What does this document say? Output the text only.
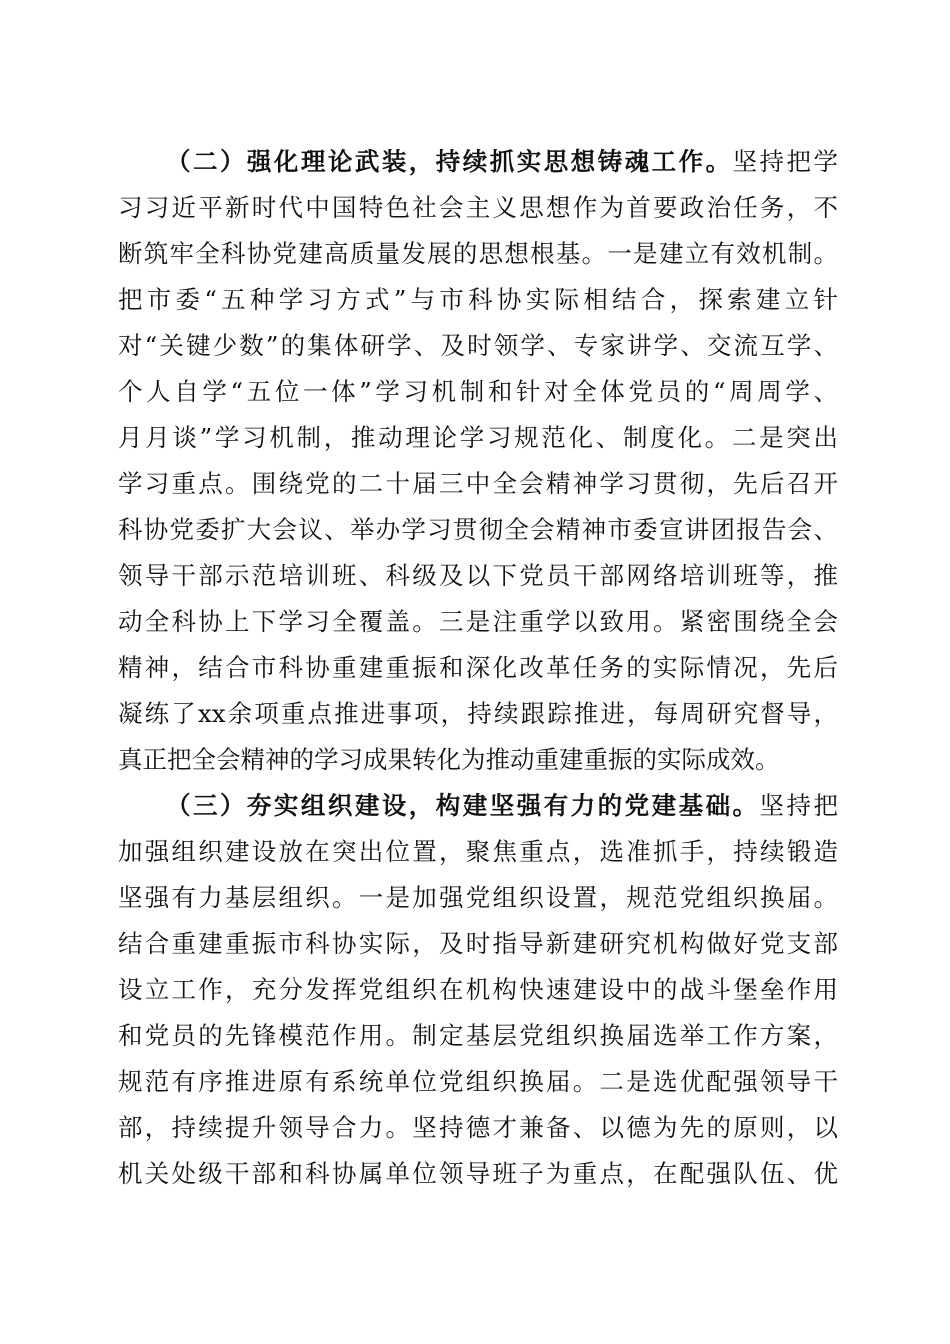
（二）强化理论武装，持续抓实思想铸魂工作。坚持把学
习习近平新时代中国特色社会主义思想作为首要政治任务，不
断筑牢全科协党建高质量发展的思想根基。一是建立有效机制。
把市委“五种学习方式”与市科协实际相结合，探索建立针
对“关键少数”的集体研学、及时领学、专家讲学、交流互学、
个人自学“五位一体”学习机制和针对全体党员的“周周学、
月月谈”学习机制，推动理论学习规范化、制度化。二是突出
学习重点。围绕党的二十届三中全会精神学习贯彻，先后召开
科协党委扩大会议、举办学习贯彻全会精神市委宣讲团报告会、
领导干部示范培训班、科级及以下党员干部网络培训班等，推
动全科协上下学习全覆盖。三是注重学以致用。紧密围绕全会
精神，结合市科协重建重振和深化改革任务的实际情况，先后
凝练了xx余项重点推进事项，持续跟踪推进，每周研究督导，
真正把全会精神的学习成果转化为推动重建重振的实际成效。
（三）夯实组织建设，构建坚强有力的党建基础。坚持把
加强组织建设放在突出位置，聚焦重点，选准抓手，持续锻造
坚强有力基层组织。一是加强党组织设置，规范党组织换届。
结合重建重振市科协实际，及时指导新建研究机构做好党支部
设立工作，充分发挥党组织在机构快速建设中的战斗堡垒作用
和党员的先锋模范作用。制定基层党组织换届选举工作方案，
规范有序推进原有系统单位党组织换届。二是选优配强领导干
部，持续提升领导合力。坚持德才兼备、以德为先的原则，以
机关处级干部和科协属单位领导班子为重点，在配强队伍、优
